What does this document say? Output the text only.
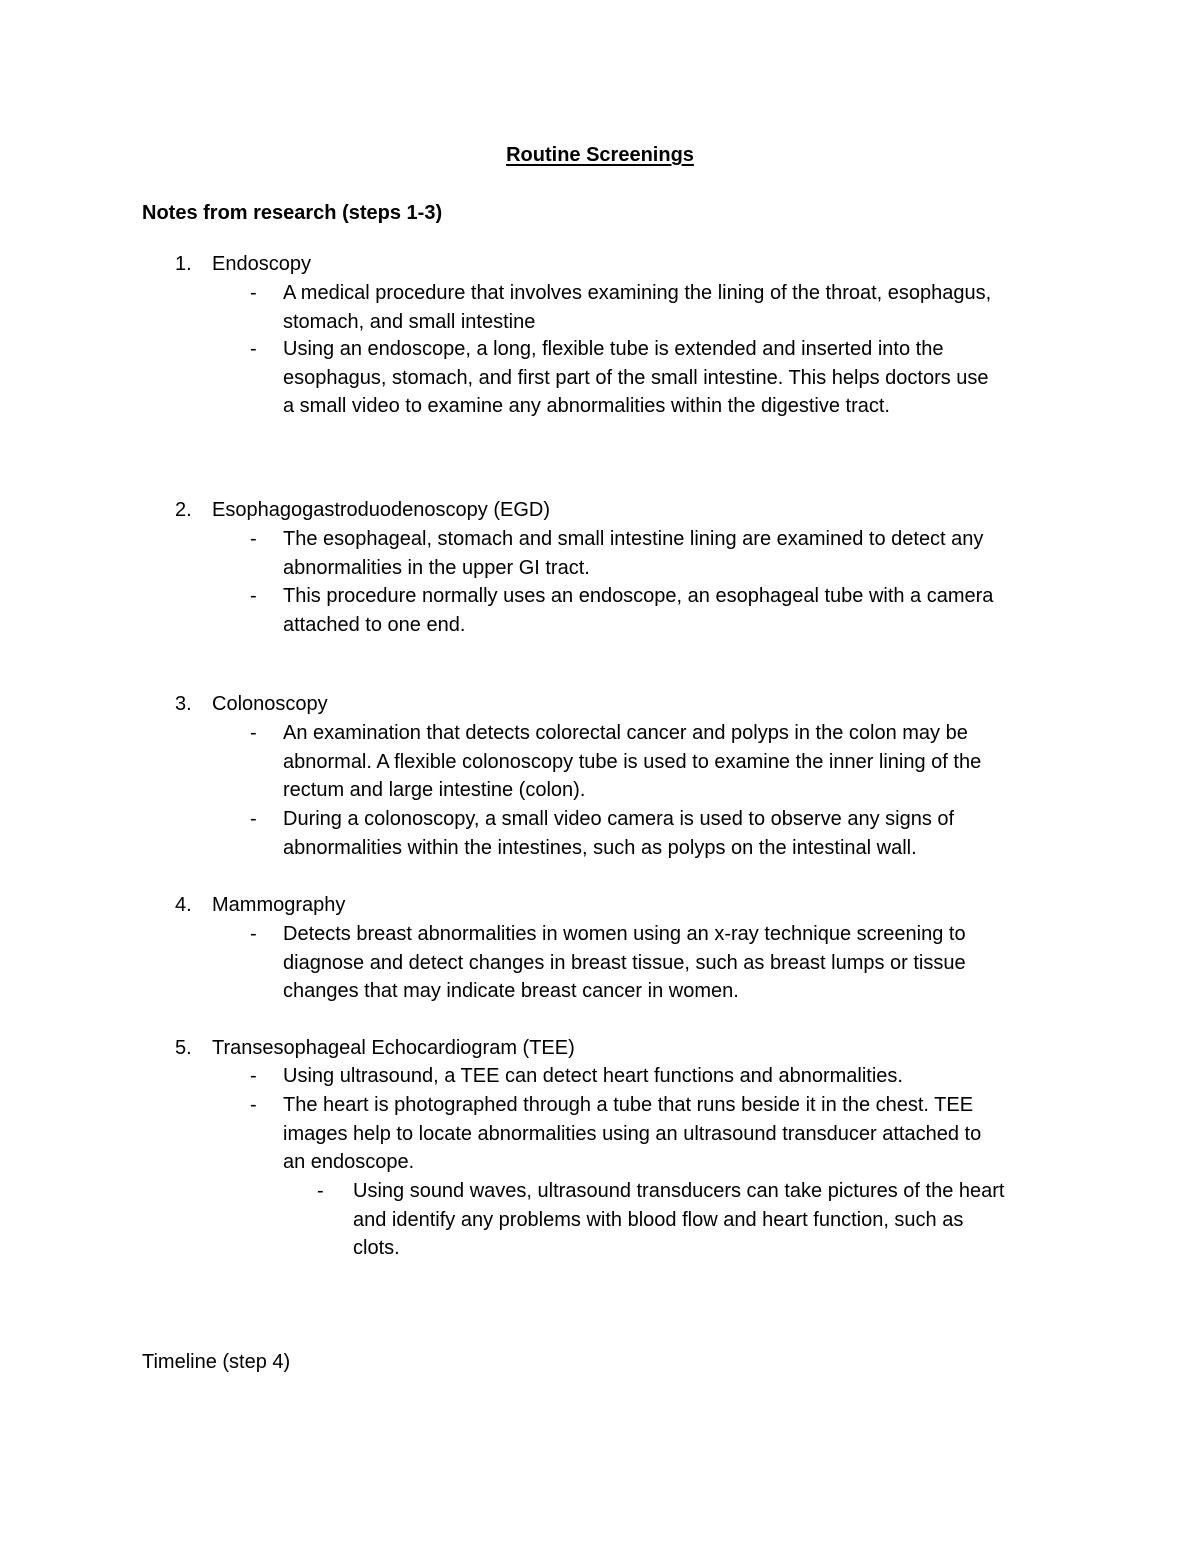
Routine Screenings
Notes from research (steps 1-3)
1. Endoscopy
- A medical procedure that involves examining the lining of the throat, esophagus,
stomach, and small intestine
- Using an endoscope, a long, flexible tube is extended and inserted into the
esophagus, stomach, and first part of the small intestine. This helps doctors use
a small video to examine any abnormalities within the digestive tract.
2. Esophagogastroduodenoscopy (EGD)
- The esophageal, stomach and small intestine lining are examined to detect any
abnormalities in the upper GI tract.
- This procedure normally uses an endoscope, an esophageal tube with a camera
attached to one end.
3. Colonoscopy
- An examination that detects colorectal cancer and polyps in the colon may be
abnormal. A flexible colonoscopy tube is used to examine the inner lining of the
rectum and large intestine (colon).
- During a colonoscopy, a small video camera is used to observe any signs of
abnormalities within the intestines, such as polyps on the intestinal wall.
4. Mammography
- Detects breast abnormalities in women using an x-ray technique screening to
diagnose and detect changes in breast tissue, such as breast lumps or tissue
changes that may indicate breast cancer in women.
5. Transesophageal Echocardiogram (TEE)
- Using ultrasound, a TEE can detect heart functions and abnormalities.
- The heart is photographed through a tube that runs beside it in the chest. TEE
images help to locate abnormalities using an ultrasound transducer attached to
an endoscope.
- Using sound waves, ultrasound transducers can take pictures of the heart
and identify any problems with blood flow and heart function, such as
clots.
Timeline (step 4)
